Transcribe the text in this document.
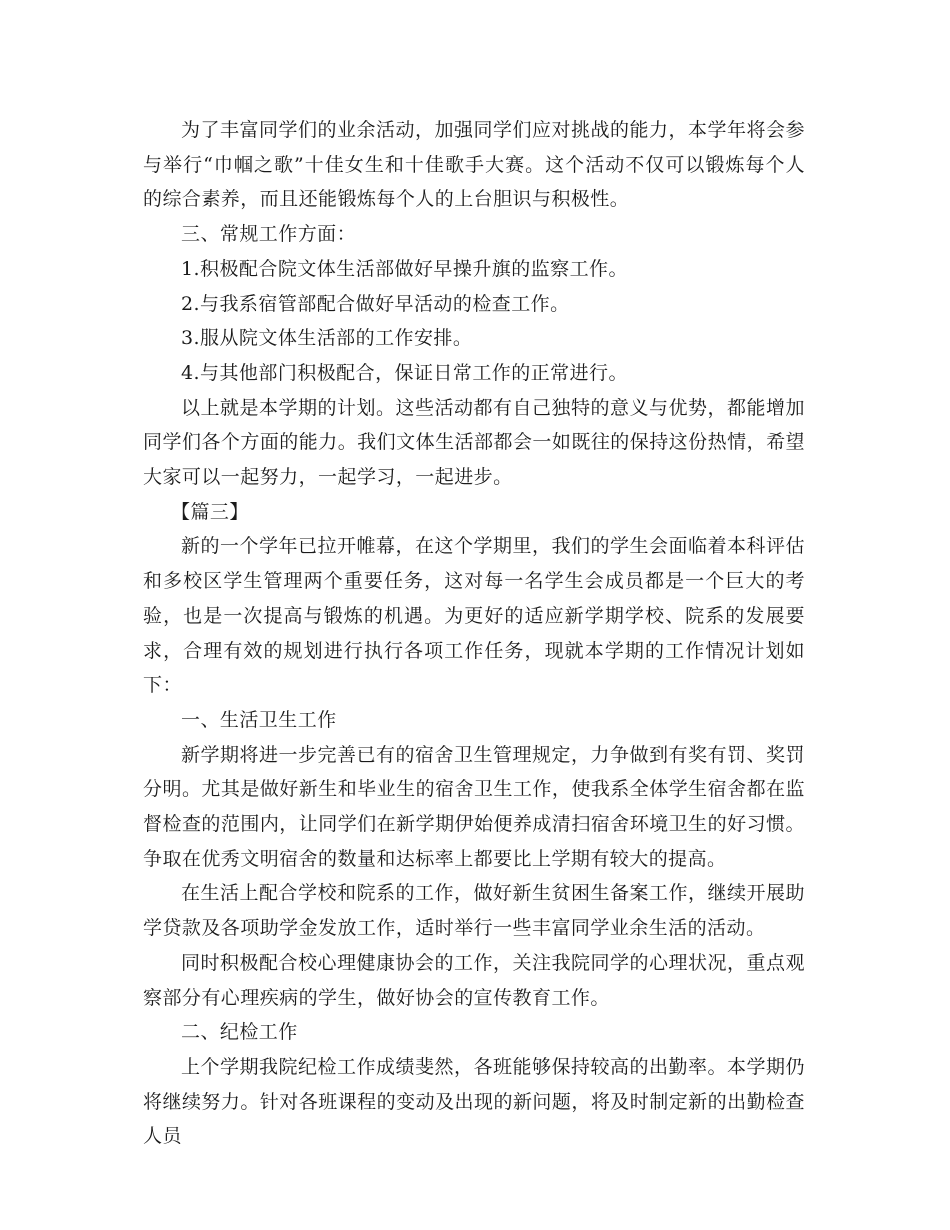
为了丰富同学们的业余活动，加强同学们应对挑战的能力，本学年将会参与举行“巾帼之歌”十佳女生和十佳歌手大赛。这个活动不仅可以锻炼每个人的综合素养，而且还能锻炼每个人的上台胆识与积极性。

三、常规工作方面：

1.积极配合院文体生活部做好早操升旗的监察工作。

2.与我系宿管部配合做好早活动的检查工作。

3.服从院文体生活部的工作安排。

4.与其他部门积极配合，保证日常工作的正常进行。

以上就是本学期的计划。这些活动都有自己独特的意义与优势，都能增加同学们各个方面的能力。我们文体生活部都会一如既往的保持这份热情，希望大家可以一起努力，一起学习，一起进步。

【篇三】

新的一个学年已拉开帷幕，在这个学期里，我们的学生会面临着本科评估和多校区学生管理两个重要任务，这对每一名学生会成员都是一个巨大的考验，也是一次提高与锻炼的机遇。为更好的适应新学期学校、院系的发展要求，合理有效的规划进行执行各项工作任务，现就本学期的工作情况计划如下：

一、生活卫生工作

新学期将进一步完善已有的宿舍卫生管理规定，力争做到有奖有罚、奖罚分明。尤其是做好新生和毕业生的宿舍卫生工作，使我系全体学生宿舍都在监督检查的范围内，让同学们在新学期伊始便养成清扫宿舍环境卫生的好习惯。争取在优秀文明宿舍的数量和达标率上都要比上学期有较大的提高。

在生活上配合学校和院系的工作，做好新生贫困生备案工作，继续开展助学贷款及各项助学金发放工作，适时举行一些丰富同学业余生活的活动。

同时积极配合校心理健康协会的工作，关注我院同学的心理状况，重点观察部分有心理疾病的学生，做好协会的宣传教育工作。

二、纪检工作

上个学期我院纪检工作成绩斐然，各班能够保持较高的出勤率。本学期仍将继续努力。针对各班课程的变动及出现的新问题，将及时制定新的出勤检查人员
